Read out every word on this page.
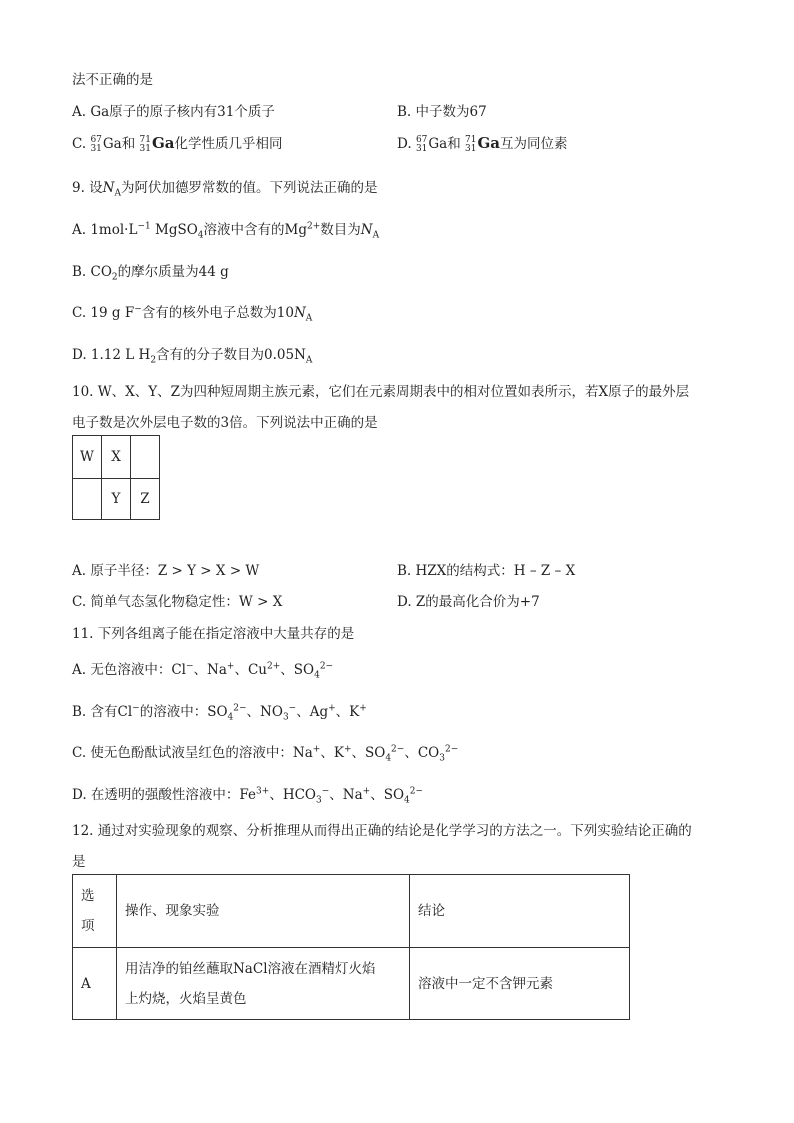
法不正确的是
A. Ga原子的原子核内有31个质子	B. 中子数为67
C. 67
31 Ga和 71
31 Ga化学性质几乎相同	D. 67
31 Ga和 71
31 Ga互为同位素
9. 设$N_A$为阿伏加德罗常数的值。下列说法正确的是
A. $1mol\cdot L^{-1}$ MgSO$_4$溶液中含有的$Mg^{2+}$数目为$N_A$
B. $CO_2$的摩尔质量为44 g
C. 19 g F−含有的核外电子总数为$10N_A$
D. 1.12 L $H_2$含有的分子数目为$0.05N_A$
10. W、X、Y、Z为四种短周期主族元素，它们在元素周期表中的相对位置如表所示，若X原子的最外层
电子数是次外层电子数的3倍。下列说法中正确的是
W	X	
	Y	Z
A. 原子半径：Z > Y > X > W	B. HZX的结构式：H – Z – X
C. 简单气态氢化物稳定性：W > X	D. Z的最高化合价为+7
11. 下列各组离子能在指定溶液中大量共存的是
A. 无色溶液中：Cl−、Na+、$Cu^{2+}$、$SO_4^{2-}$
B. 含有Cl−的溶液中：$SO_4^{2-}$、$NO_3^-$、Ag+、K+
C. 使无色酚酞试液呈红色的溶液中：Na+、K+、$SO_4^{2-}$、$CO_3^{2-}$
D. 在透明的强酸性溶液中：$Fe^{3+}$、$HCO_3^-$、Na+、$SO_4^{2-}$
12. 通过对实验现象的观察、分析推理从而得出正确的结论是化学学习的方法之一。下列实验结论正确的
是
选
项	操作、现象实验	结论
A	用洁净的铂丝蘸取NaCl溶液在酒精灯火焰
上灼烧，火焰呈黄色	溶液中一定不含钾元素
